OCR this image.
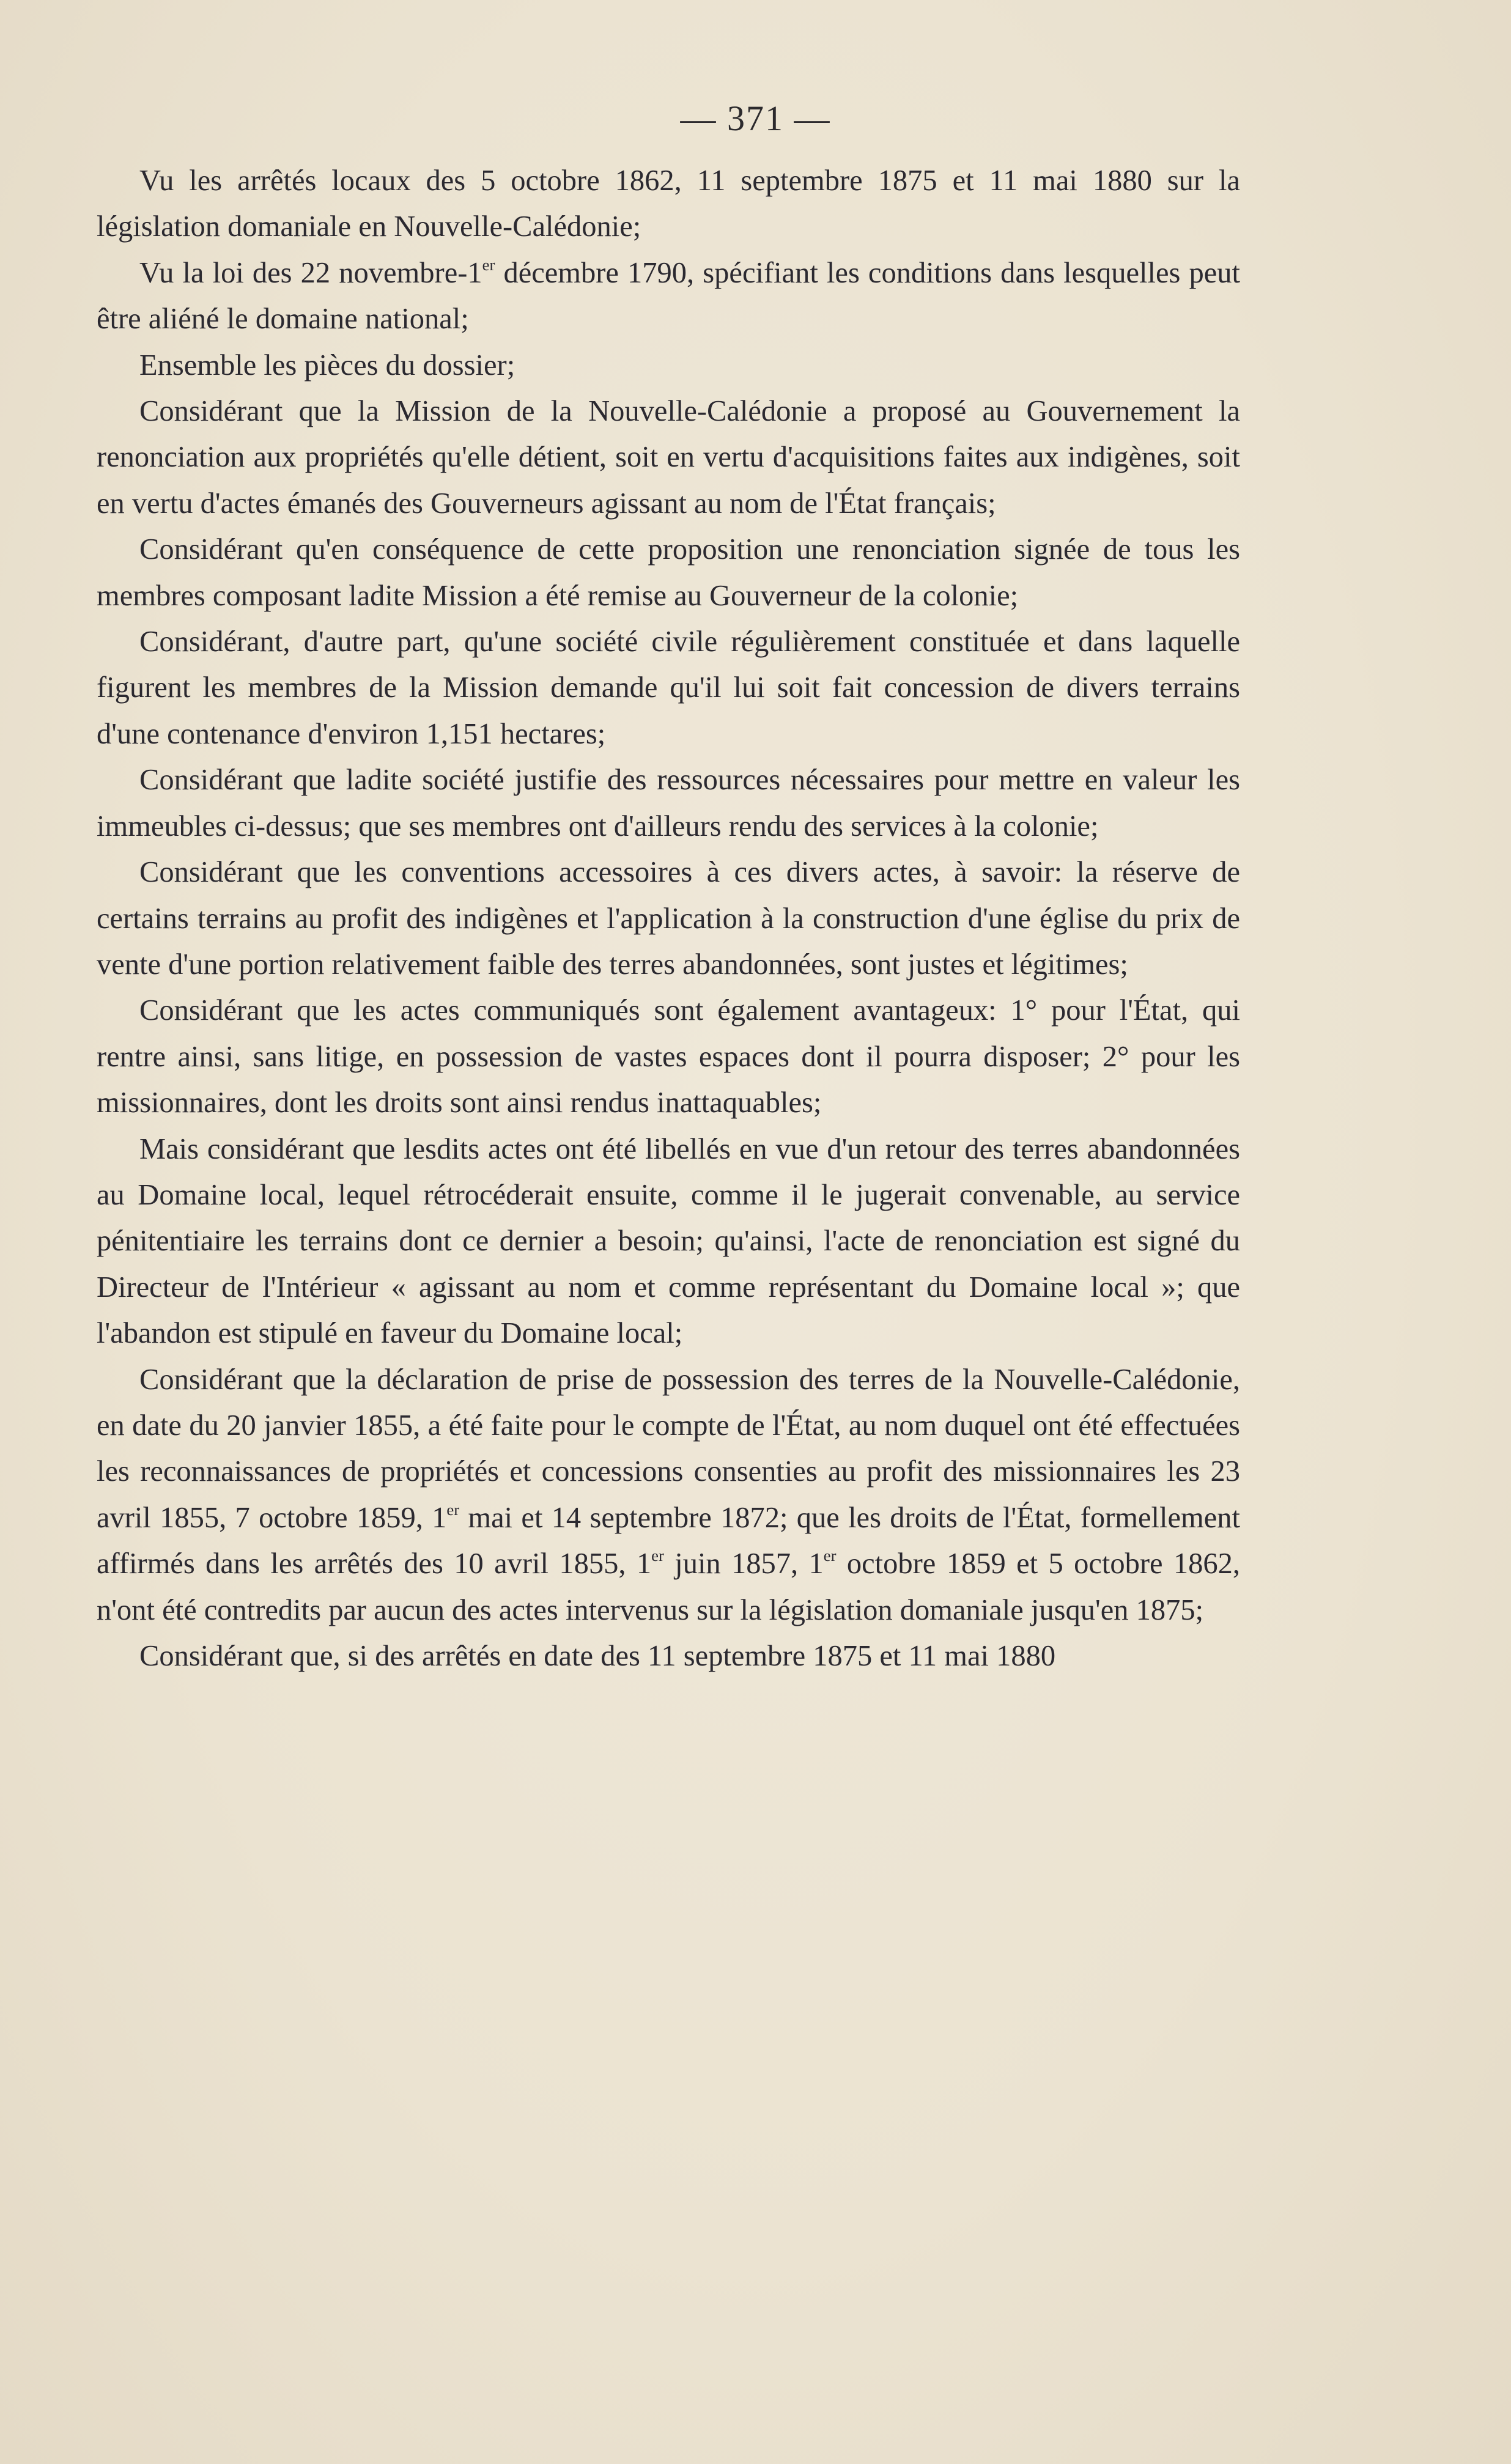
— 371 —

Vu les arrêtés locaux des 5 octobre 1862, 11 septembre 1875 et 11 mai 1880 sur la législation domaniale en Nouvelle-Calédonie;

Vu la loi des 22 novembre-1er décembre 1790, spécifiant les conditions dans lesquelles peut être aliéné le domaine national;

Ensemble les pièces du dossier;

Considérant que la Mission de la Nouvelle-Calédonie a proposé au Gouvernement la renonciation aux propriétés qu'elle détient, soit en vertu d'acquisitions faites aux indigènes, soit en vertu d'actes émanés des Gouverneurs agissant au nom de l'État français;

Considérant qu'en conséquence de cette proposition une renonciation signée de tous les membres composant ladite Mission a été remise au Gouverneur de la colonie;

Considérant, d'autre part, qu'une société civile régulièrement constituée et dans laquelle figurent les membres de la Mission demande qu'il lui soit fait concession de divers terrains d'une contenance d'environ 1,151 hectares;

Considérant que ladite société justifie des ressources nécessaires pour mettre en valeur les immeubles ci-dessus; que ses membres ont d'ailleurs rendu des services à la colonie;

Considérant que les conventions accessoires à ces divers actes, à savoir: la réserve de certains terrains au profit des indigènes et l'application à la construction d'une église du prix de vente d'une portion relativement faible des terres abandonnées, sont justes et légitimes;

Considérant que les actes communiqués sont également avantageux: 1° pour l'État, qui rentre ainsi, sans litige, en possession de vastes espaces dont il pourra disposer; 2° pour les missionnaires, dont les droits sont ainsi rendus inattaquables;

Mais considérant que lesdits actes ont été libellés en vue d'un retour des terres abandonnées au Domaine local, lequel rétrocéderait ensuite, comme il le jugerait convenable, au service pénitentiaire les terrains dont ce dernier a besoin; qu'ainsi, l'acte de renonciation est signé du Directeur de l'Intérieur « agissant au nom et comme représentant du Domaine local »; que l'abandon est stipulé en faveur du Domaine local;

Considérant que la déclaration de prise de possession des terres de la Nouvelle-Calédonie, en date du 20 janvier 1855, a été faite pour le compte de l'État, au nom duquel ont été effectuées les reconnaissances de propriétés et concessions consenties au profit des missionnaires les 23 avril 1855, 7 octobre 1859, 1er mai et 14 septembre 1872; que les droits de l'État, formellement affirmés dans les arrêtés des 10 avril 1855, 1er juin 1857, 1er octobre 1859 et 5 octobre 1862, n'ont été contredits par aucun des actes intervenus sur la législation domaniale jusqu'en 1875;

Considérant que, si des arrêtés en date des 11 septembre 1875 et 11 mai 1880
